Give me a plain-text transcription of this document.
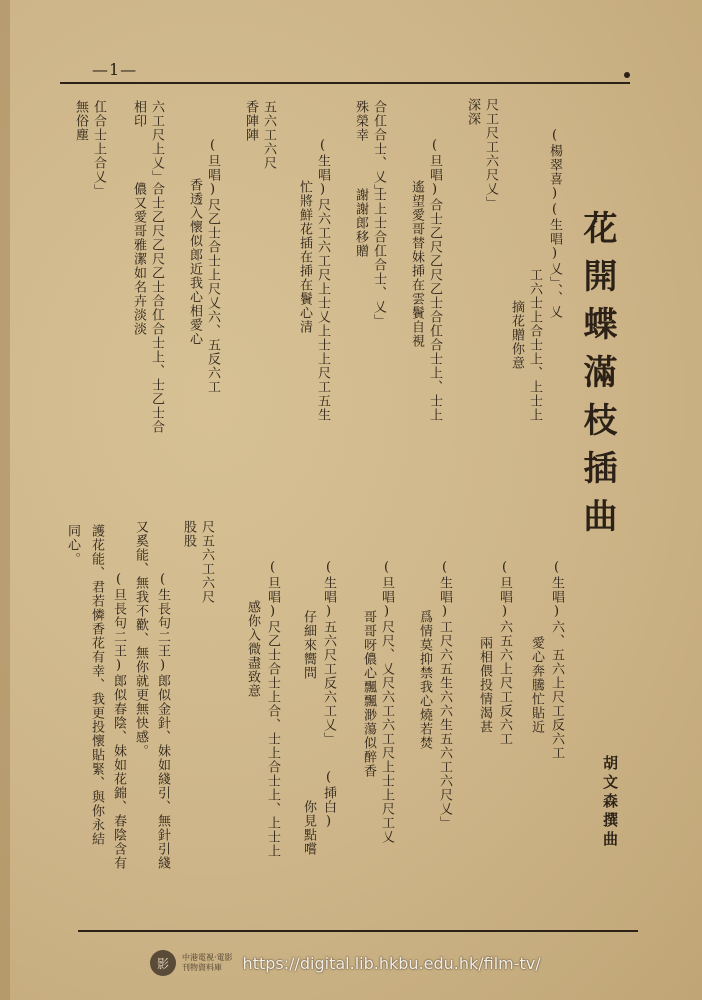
—1—
花開蝶滿枝插曲
胡文森撰曲
(楊翠喜)(生唱)乂」、、乂
工六士上合士上、上士上
摘花贈你意
尺工尺工六尺乂」
深深
(旦唱)合士乙尺乙尺乙士合仜合士上、士上
遙望愛哥替妹揷在雲鬢自視
合仜合士、乂」
殊榮幸
士上士合仜合士、乂」
謝謝郎移贈
(生唱)尺六工六工尺上士乂上士上尺工五生
忙將鮮花插在揷在鬢心清
五六工六尺
香陣陣
(旦唱)尺乙士合士上尺乂六、五反六工
香透入懷似郎近我心相愛心
六工尺上乂」
相印
合士乙尺乙尺乙士合仜合士上、士乙士合
儂又愛哥雅潔如名卉淡淡
仜合士上合乂」
無俗塵
(生唱)六、五六上尺工反六工
愛心奔騰忙貼近
(旦唱)六五六上尺工反六工
兩相偎投情渴甚
(生唱)工尺六五生六六生五六工六尺乂」
爲情莫抑禁我心燒若焚
(旦唱)尺尺、乂尺六工六工尺上士上尺工乂
哥哥呀儂心飄飄渺蕩似醉香
(生唱)五六尺工反六工乂」
仔細來嚮問
(揷白)
你見點嚐
(旦唱)尺乙士合士上合、士上合士上、上士上
感你入微盡致意
尺五六工六尺
股股
(生長句二王)郎似金針、妹如綫引、無針引綫
又奚能、無我不歡、無你就更無快感。
(旦長句二王)郎似春陰、妹如花錦、春陰含有
護花能、君若憐香花有幸、我更投懷貼緊、與你永結
同心。
影	中港電視·電影
刊物資料庫	https://digital.lib.hkbu.edu.hk/film-tv/
